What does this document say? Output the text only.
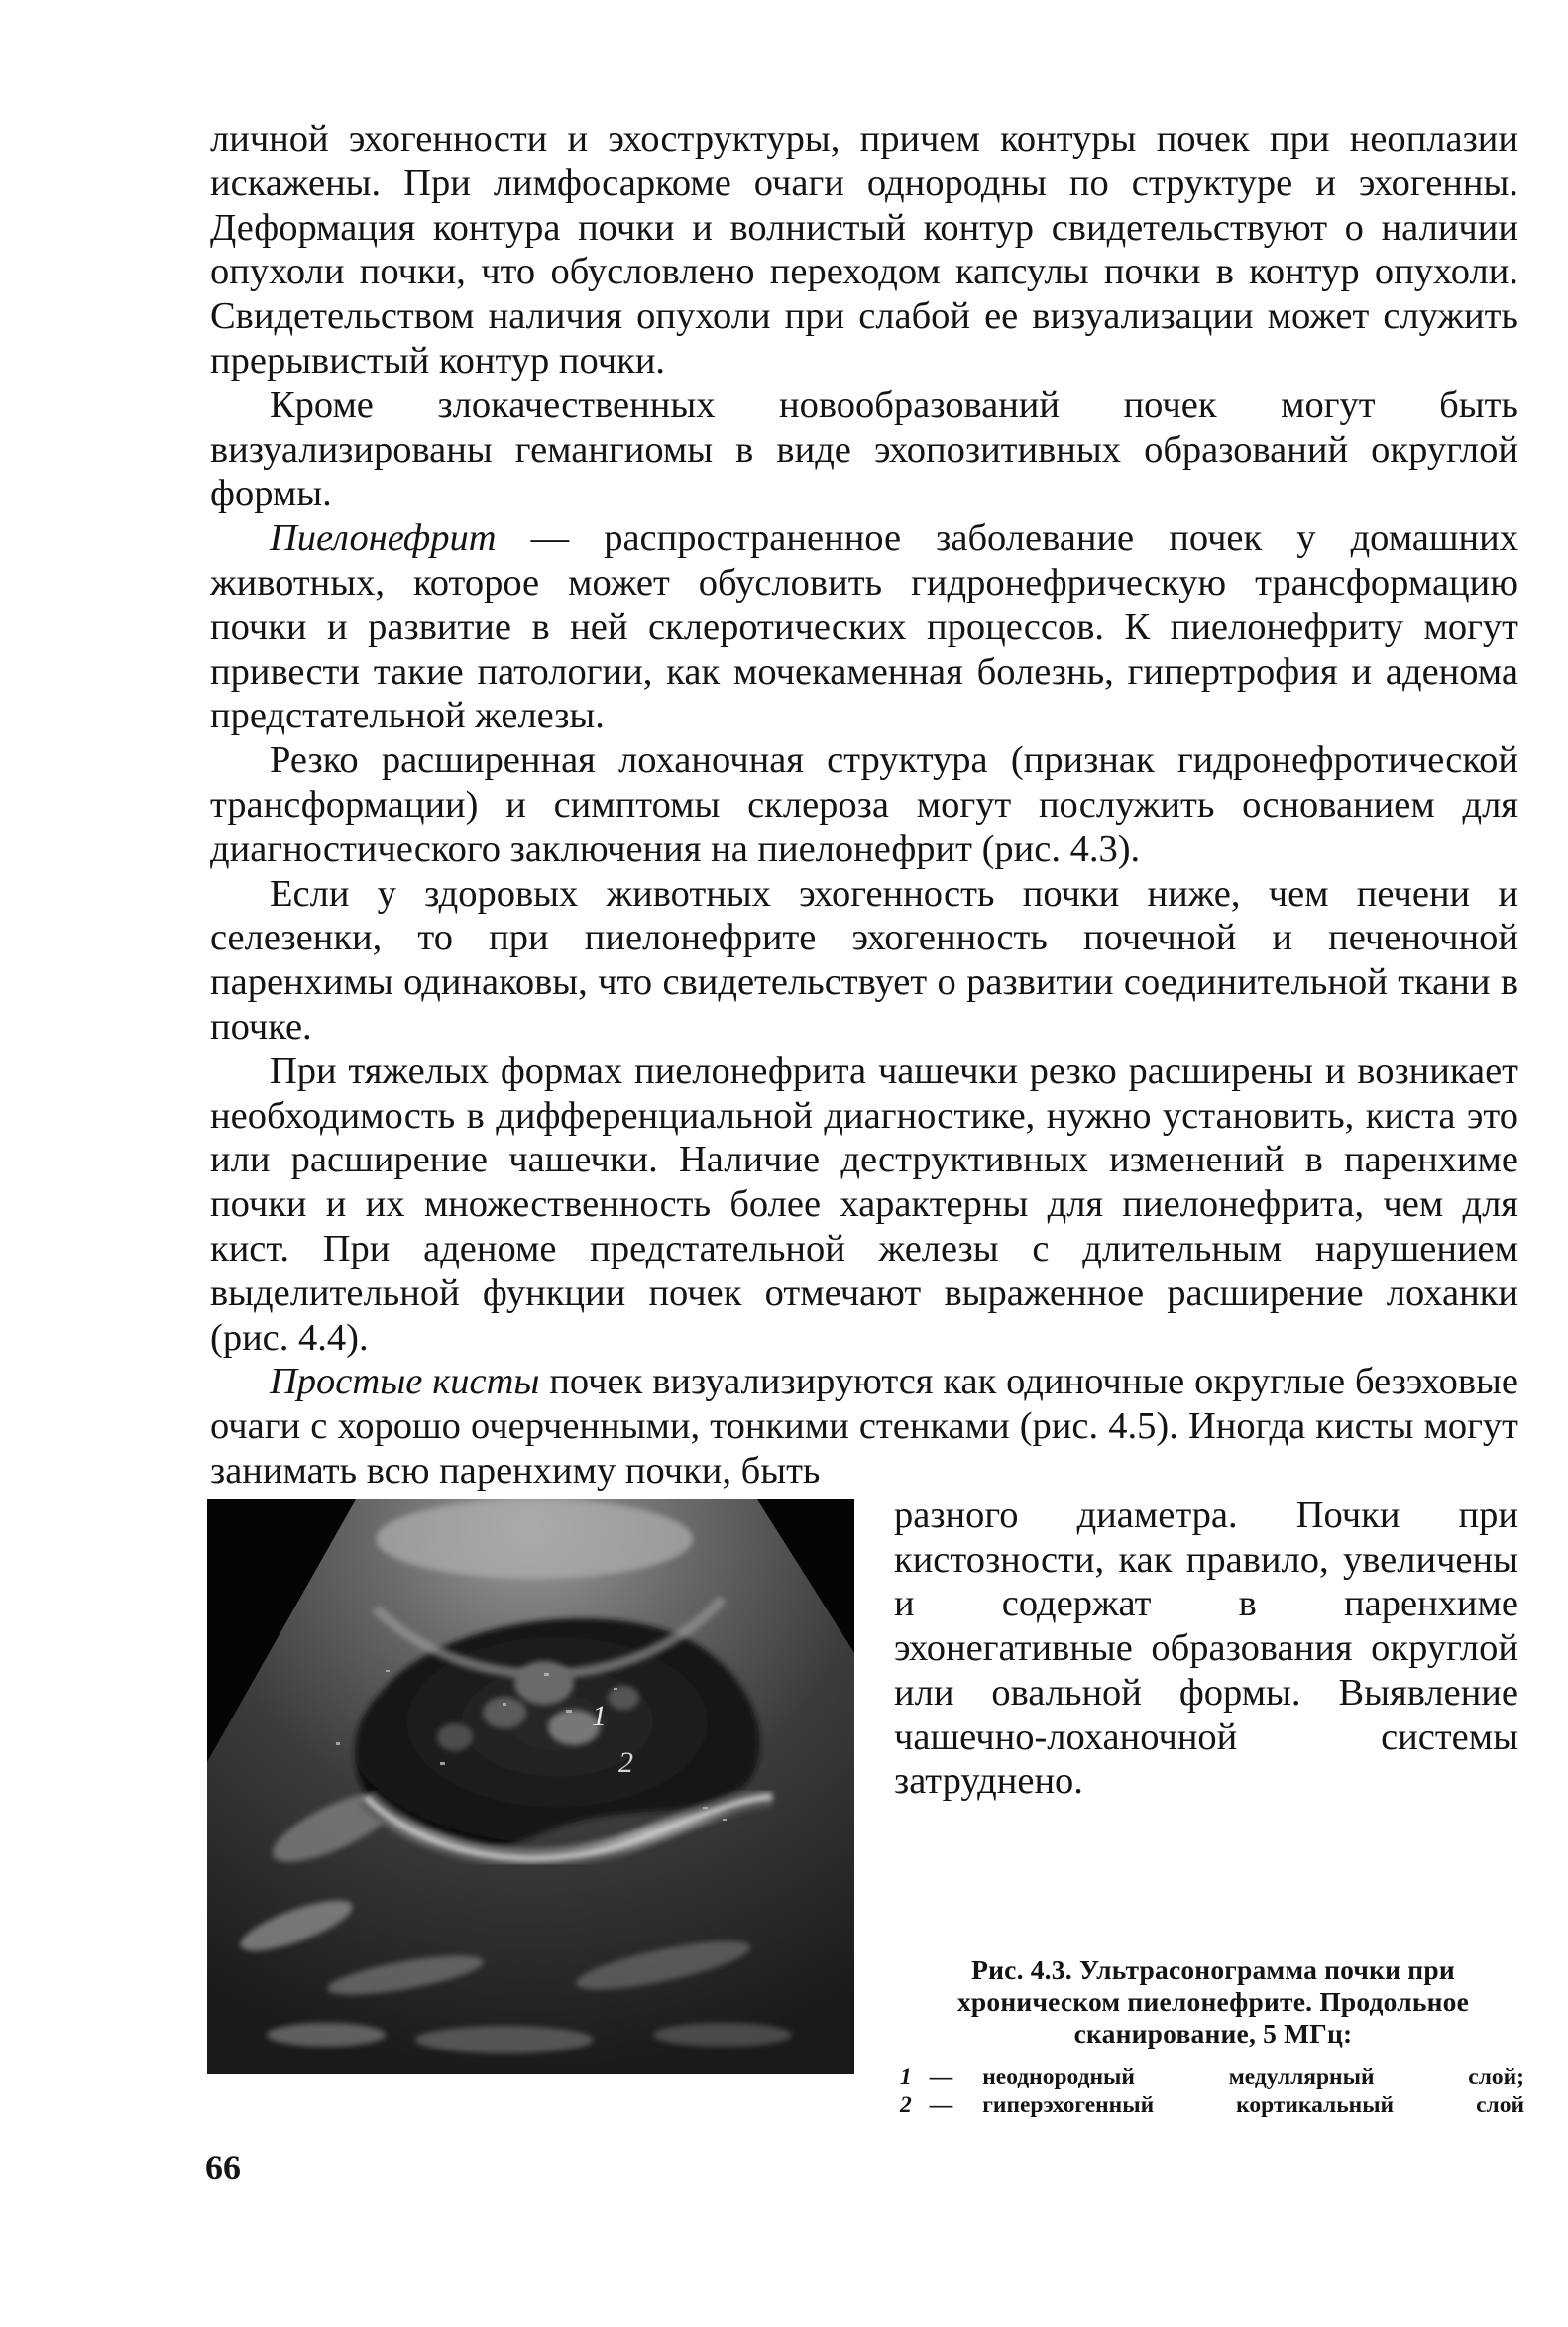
личной эхогенности и эхоструктуры, причем контуры почек при неоплазии искажены. При лимфосаркоме очаги однородны по структуре и эхогенны. Деформация контура почки и волнистый контур свидетельствуют о наличии опухоли почки, что обусловлено переходом капсулы почки в контур опухоли. Свидетельством наличия опухоли при слабой ее визуализации может служить прерывистый контур почки.

Кроме злокачественных новообразований почек могут быть визуализированы гемангиомы в виде эхопозитивных образований округлой формы.

Пиелонефрит — распространенное заболевание почек у домашних животных, которое может обусловить гидронефрическую трансформацию почки и развитие в ней склеротических процессов. К пиелонефриту могут привести такие патологии, как мочекаменная болезнь, гипертрофия и аденома предстательной железы.

Резко расширенная лоханочная структура (признак гидронефротической трансформации) и симптомы склероза могут послужить основанием для диагностического заключения на пиелонефрит (рис. 4.3).

Если у здоровых животных эхогенность почки ниже, чем печени и селезенки, то при пиелонефрите эхогенность почечной и печеночной паренхимы одинаковы, что свидетельствует о развитии соединительной ткани в почке.

При тяжелых формах пиелонефрита чашечки резко расширены и возникает необходимость в дифференциальной диагностике, нужно установить, киста это или расширение чашечки. Наличие деструктивных изменений в паренхиме почки и их множественность более характерны для пиелонефрита, чем для кист. При аденоме предстательной железы с длительным нарушением выделительной функции почек отмечают выраженное расширение лоханки (рис. 4.4).

Простые кисты почек визуализируются как одиночные округлые безэховые очаги с хорошо очерченными, тонкими стенками (рис. 4.5). Иногда кисты могут занимать всю паренхиму почки, быть

1
2

разного диаметра. Почки при кистозности, как правило, увеличены и содержат в паренхиме эхонегативные образования округлой или овальной формы. Выявление чашечно-лоханочной системы затруднено.

Рис. 4.3. Ультрасонограмма почки при хроническом пиелонефрите. Продольное сканирование, 5 МГц:
1 — неоднородный медуллярный слой;
2 — гиперэхогенный кортикальный слой
66
